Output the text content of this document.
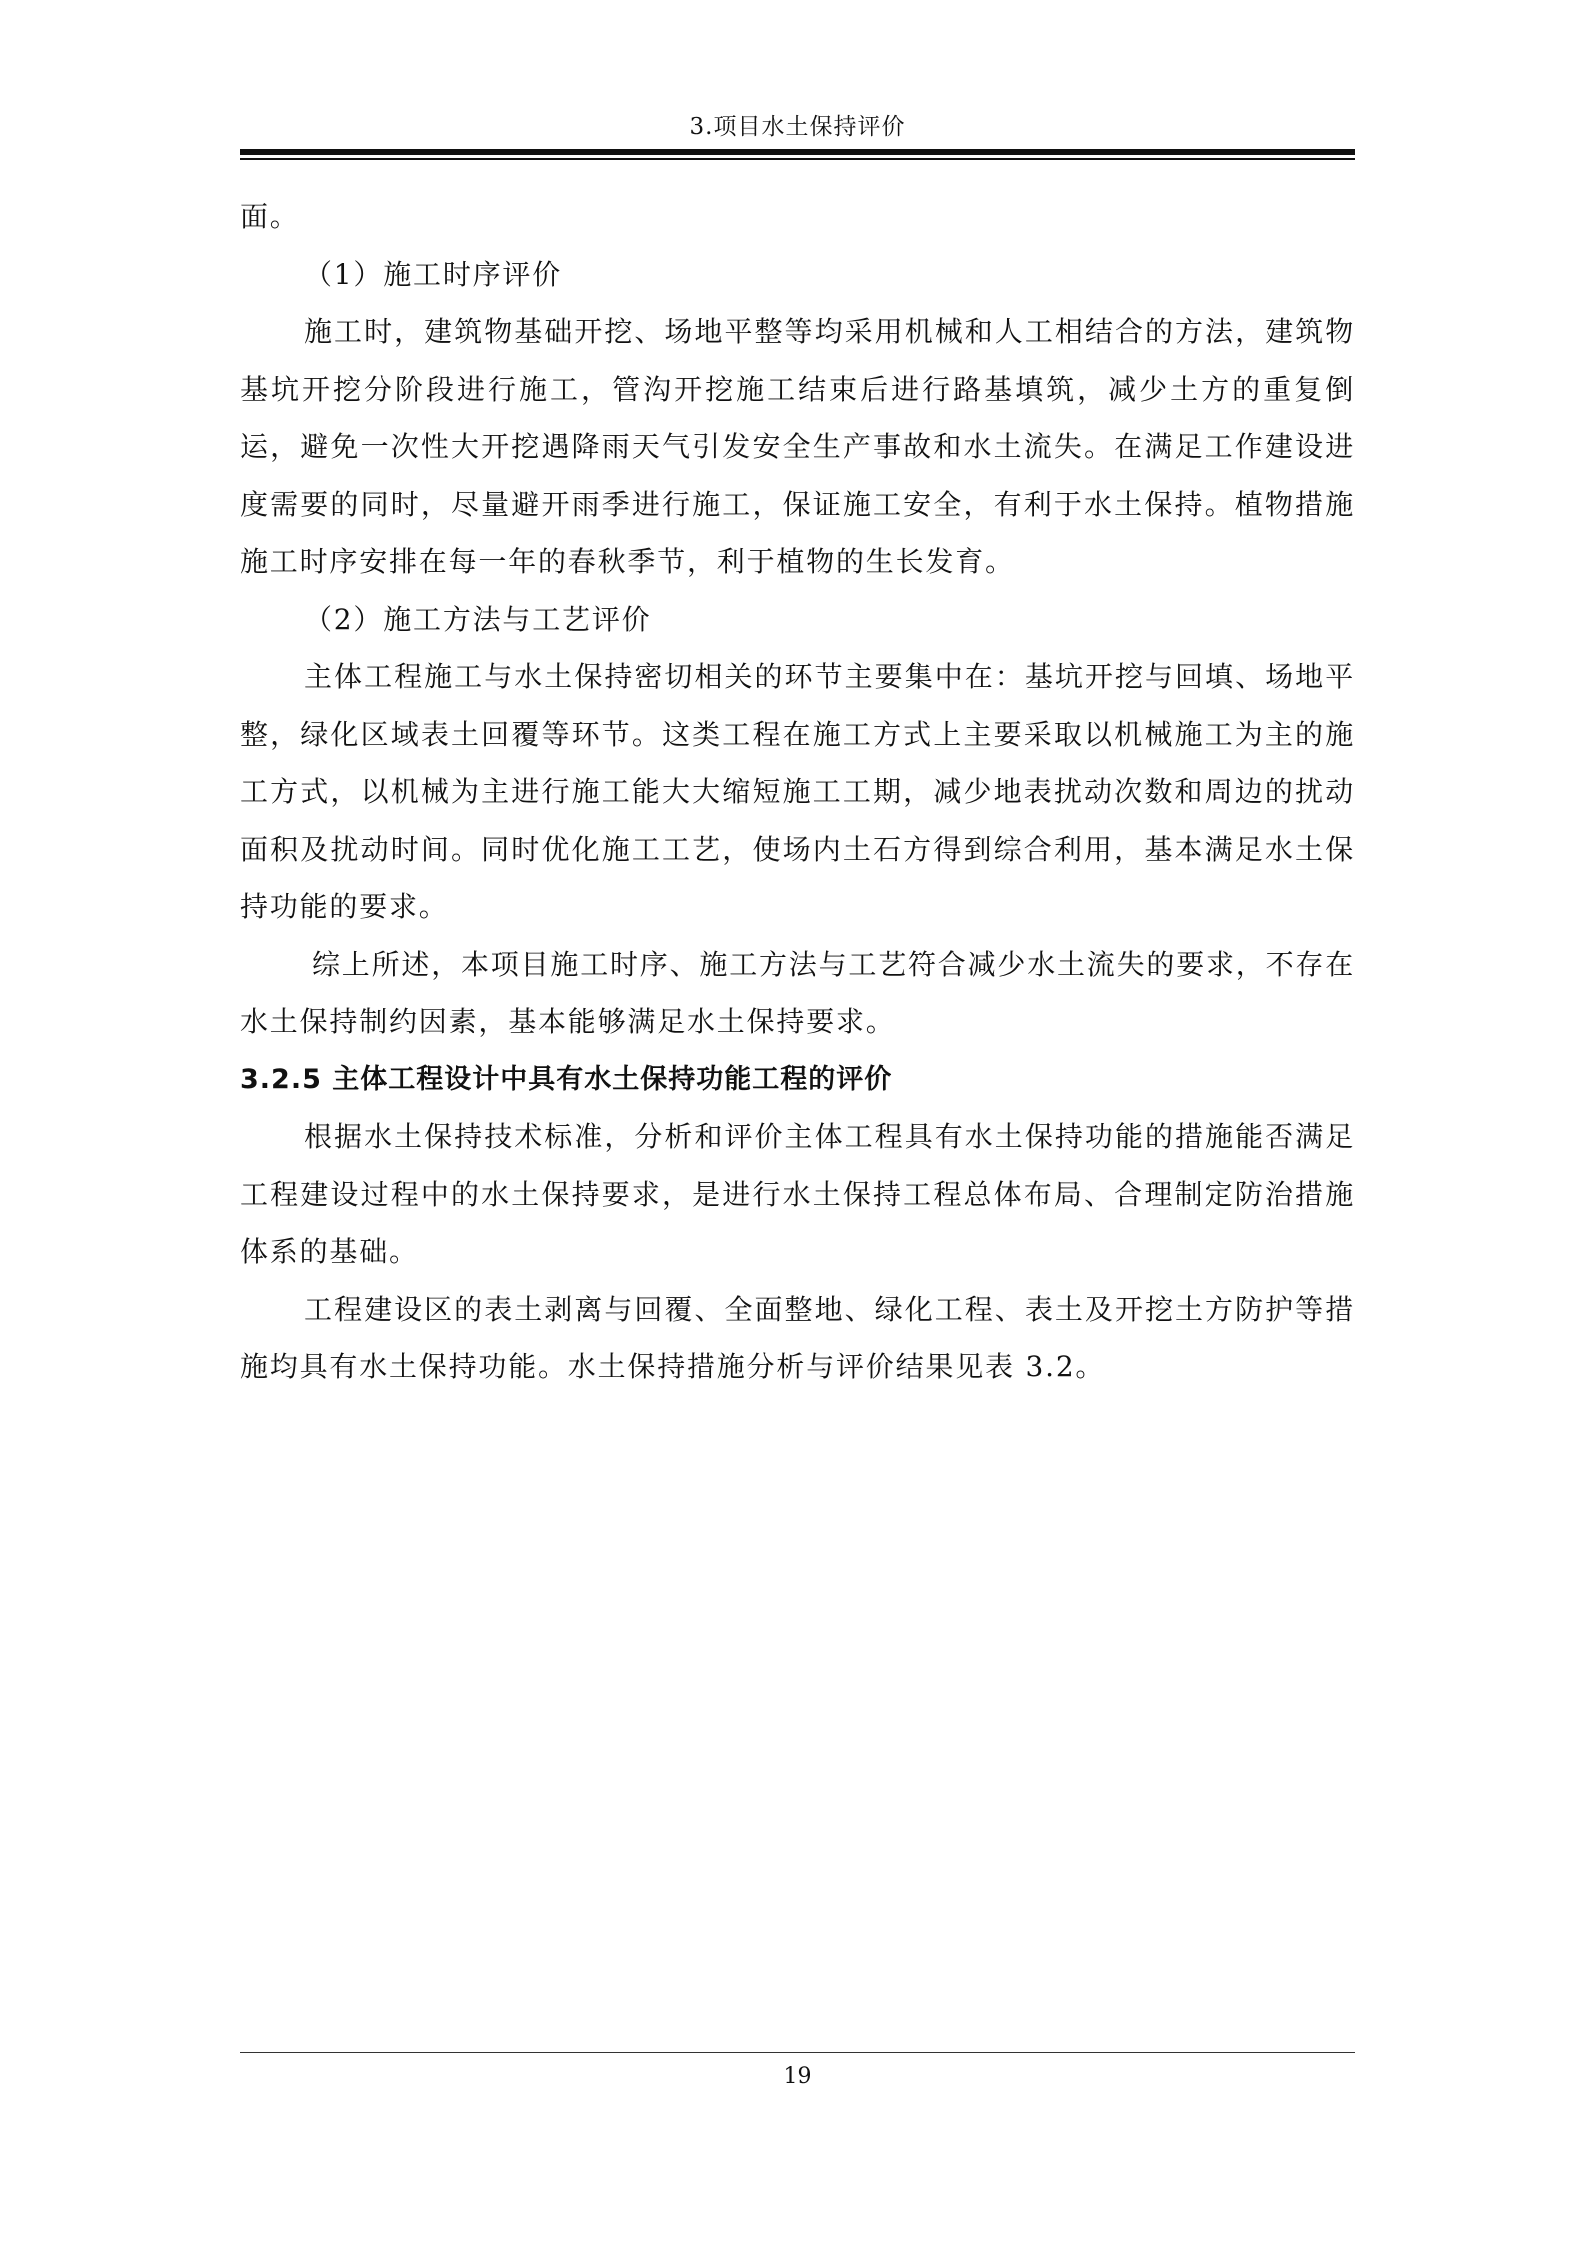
3.项目水土保持评价

面。

（1）施工时序评价

施工时，建筑物基础开挖、场地平整等均采用机械和人工相结合的方法，建筑物基坑开挖分阶段进行施工，管沟开挖施工结束后进行路基填筑，减少土方的重复倒运，避免一次性大开挖遇降雨天气引发安全生产事故和水土流失。在满足工作建设进度需要的同时，尽量避开雨季进行施工，保证施工安全，有利于水土保持。植物措施施工时序安排在每一年的春秋季节，利于植物的生长发育。

（2）施工方法与工艺评价

主体工程施工与水土保持密切相关的环节主要集中在：基坑开挖与回填、场地平整，绿化区域表土回覆等环节。这类工程在施工方式上主要采取以机械施工为主的施工方式，以机械为主进行施工能大大缩短施工工期，减少地表扰动次数和周边的扰动面积及扰动时间。同时优化施工工艺，使场内土石方得到综合利用，基本满足水土保持功能的要求。

综上所述，本项目施工时序、施工方法与工艺符合减少水土流失的要求，不存在水土保持制约因素，基本能够满足水土保持要求。

3.2.5 主体工程设计中具有水土保持功能工程的评价

根据水土保持技术标准，分析和评价主体工程具有水土保持功能的措施能否满足工程建设过程中的水土保持要求，是进行水土保持工程总体布局、合理制定防治措施体系的基础。

工程建设区的表土剥离与回覆、全面整地、绿化工程、表土及开挖土方防护等措施均具有水土保持功能。水土保持措施分析与评价结果见表 3.2。

19
